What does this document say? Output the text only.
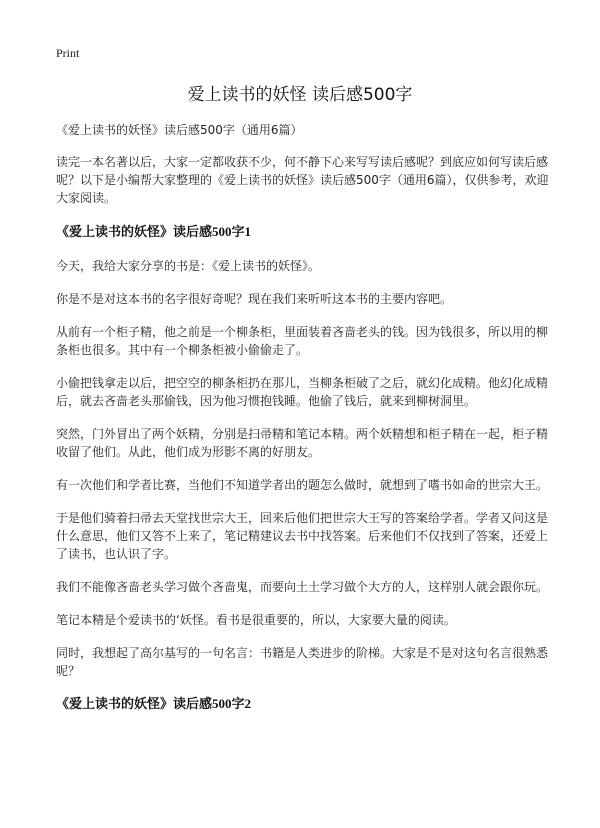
Print
爱上读书的妖怪 读后感500字

《爱上读书的妖怪》读后感500字（通用6篇）

读完一本名著以后，大家一定都收获不少，何不静下心来写写读后感呢？到底应如何写读后感呢？以下是小编帮大家整理的《爱上读书的妖怪》读后感500字（通用6篇），仅供参考，欢迎大家阅读。

《爱上读书的妖怪》读后感500字1

今天，我给大家分享的书是：《爱上读书的妖怪》。

你是不是对这本书的名字很好奇呢？现在我们来听听这本书的主要内容吧。

从前有一个柜子精，他之前是一个柳条柜，里面装着吝啬老头的钱。因为钱很多，所以用的柳条柜也很多。其中有一个柳条柜被小偷偷走了。

小偷把钱拿走以后，把空空的柳条柜扔在那儿，当柳条柜破了之后，就幻化成精。他幻化成精后，就去吝啬老头那偷钱，因为他习惯抱钱睡。他偷了钱后，就来到柳树洞里。

突然，门外冒出了两个妖精，分别是扫帚精和笔记本精。两个妖精想和柜子精在一起，柜子精收留了他们。从此，他们成为形影不离的好朋友。

有一次他们和学者比赛，当他们不知道学者出的题怎么做时，就想到了嗜书如命的世宗大王。

于是他们骑着扫帚去天堂找世宗大王，回来后他们把世宗大王写的答案给学者。学者又问这是什么意思，他们又答不上来了，笔记精建议去书中找答案。后来他们不仅找到了答案，还爱上了读书，也认识了字。

我们不能像吝啬老头学习做个吝啬鬼，而要向土土学习做个大方的人，这样别人就会跟你玩。

笔记本精是个爱读书的‘妖怪。看书是很重要的，所以，大家要大量的阅读。

同时，我想起了高尔基写的一句名言：书籍是人类进步的阶梯。大家是不是对这句名言很熟悉呢？

《爱上读书的妖怪》读后感500字2
